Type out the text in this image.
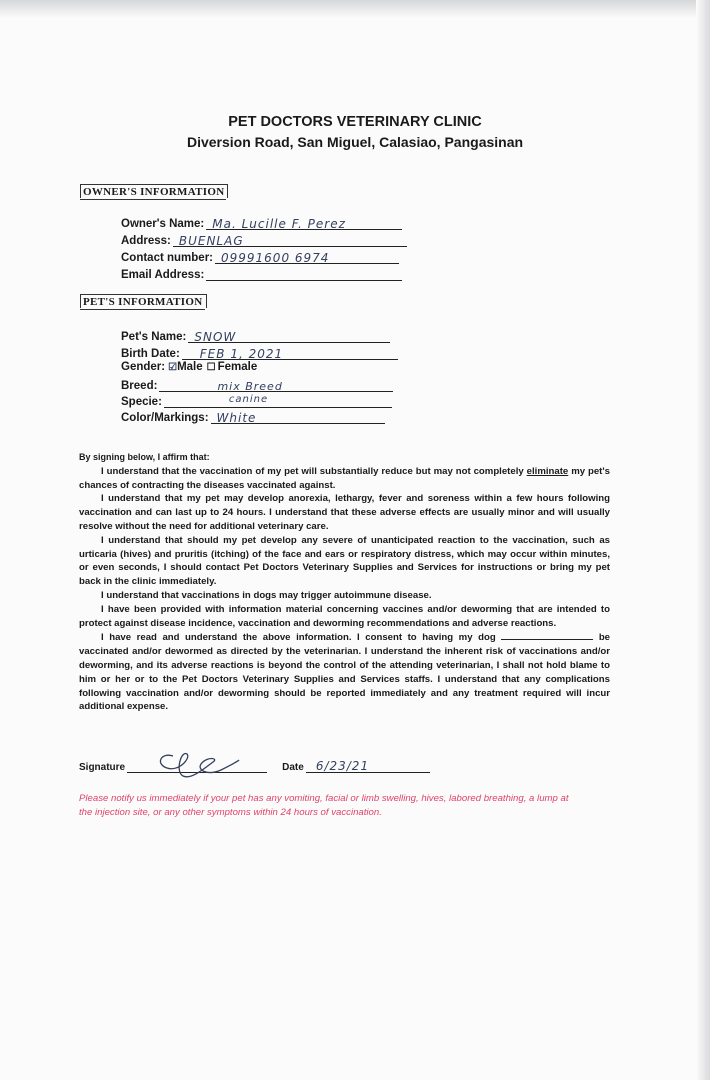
PET DOCTORS VETERINARY CLINIC
Diversion Road, San Miguel, Calasiao, Pangasinan
OWNER'S INFORMATION
Owner's Name: Ma. Lucille F. Perez
Address: BUENLAG
Contact number: 09991600 6974
Email Address:
PET'S INFORMATION
Pet's Name: SNOW
Birth Date: FEB 1, 2021
Gender: ☑ Male ☐ Female
Breed:	mix Breed
Specie:	canine
Color/Markings: White

By signing below, I affirm that:

I understand that the vaccination of my pet will substantially reduce but may not completely eliminate my pet's chances of contracting the diseases vaccinated against.

I understand that my pet may develop anorexia, lethargy, fever and soreness within a few hours following vaccination and can last up to 24 hours. I understand that these adverse effects are usually minor and will usually resolve without the need for additional veterinary care.

I understand that should my pet develop any severe of unanticipated reaction to the vaccination, such as urticaria (hives) and pruritis (itching) of the face and ears or respiratory distress, which may occur within minutes, or even seconds, I should contact Pet Doctors Veterinary Supplies and Services for instructions or bring my pet back in the clinic immediately.

I understand that vaccinations in dogs may trigger autoimmune disease.

I have been provided with information material concerning vaccines and/or deworming that are intended to protect against disease incidence, vaccination and deworming recommendations and adverse reactions.

I have read and understand the above information. I consent to having my dog	be vaccinated and/or dewormed as directed by the veterinarian. I understand the inherent risk of vaccinations and/or deworming, and its adverse reactions is beyond the control of the attending veterinarian, I shall not hold blame to him or her or to the Pet Doctors Veterinary Supplies and Services staffs. I understand that any complications following vaccination and/or deworming should be reported immediately and any treatment required will incur additional expense.

Signature	Date 6/23/21
Please notify us immediately if your pet has any vomiting, facial or limb swelling, hives, labored breathing, a lump at the injection site, or any other symptoms within 24 hours of vaccination.
